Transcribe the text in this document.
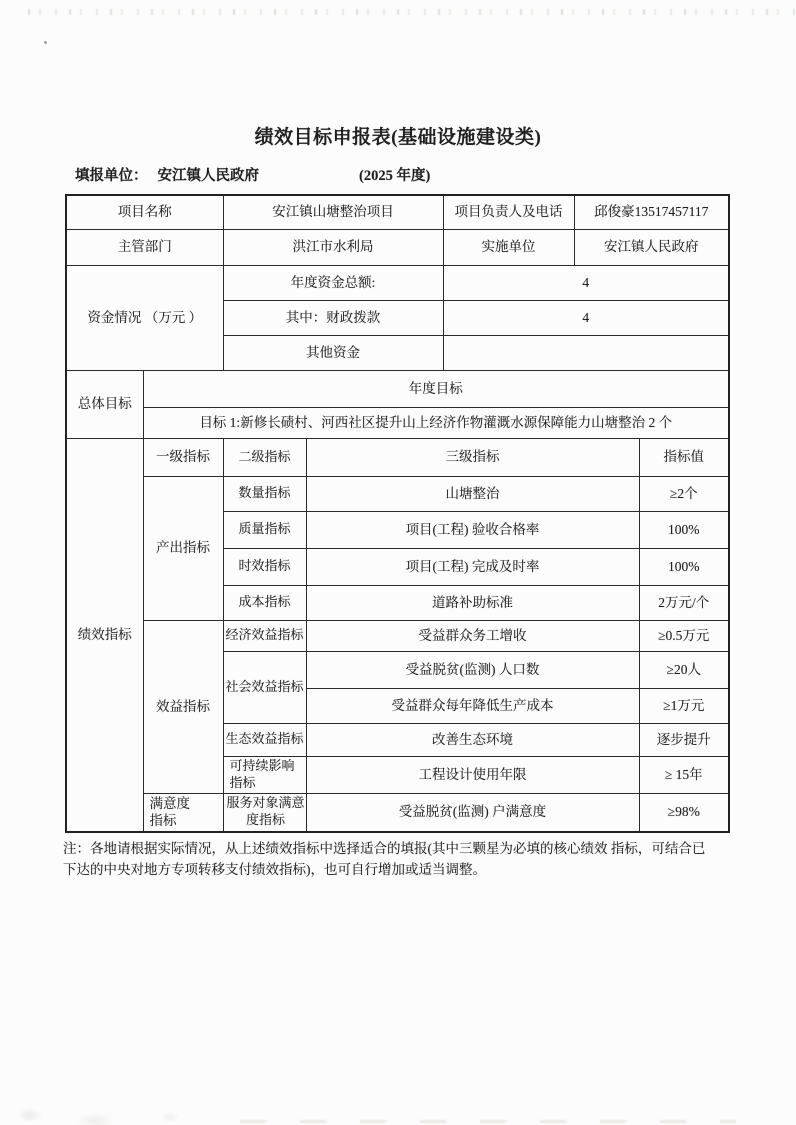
绩效目标申报表(基础设施建设类)
填报单位： 安江镇人民政府	(2025 年度)
项目名称		安江镇山塘整治项目		项目负责人及电话	邱俊豪13517457117	
主管部门		洪江市水利局		实施单位	安江镇人民政府	
资金情况 （万元 ）		年度资金总额:		4		
		其中：财政拨款		4		
		其他资金				
总体目标	年度目标					
	目标 1:新修长碛村、河西社区提升山上经济作物灌溉水源保障能力山塘整治 2 个					
绩效指标	一级指标	二级指标	三级指标			指标值
	产出指标	数量指标	山塘整治			≥2个
		质量指标	项目(工程) 验收合格率			100%
		时效指标	项目(工程) 完成及时率			100%
		成本指标	道路补助标准			2万元/个
	效益指标	经济效益指标	受益群众务工增收			≥0.5万元
		社会效益指标	受益脱贫(监测) 人口数			≥20人
			受益群众每年降低生产成本			≥1万元
		生态效益指标	改善生态环境			逐步提升

		可持续影响指标	工程设计使用年限			≥ 15年

	满意度指标	服务对象满意度指标	受益脱贫(监测) 户满意度			≥98%
注：各地请根据实际情况，从上述绩效指标中选择适合的填报(其中三颗星为必填的核心绩效 指标，可结合已
下达的中央对地方专项转移支付绩效指标)，也可自行增加或适当调整。
